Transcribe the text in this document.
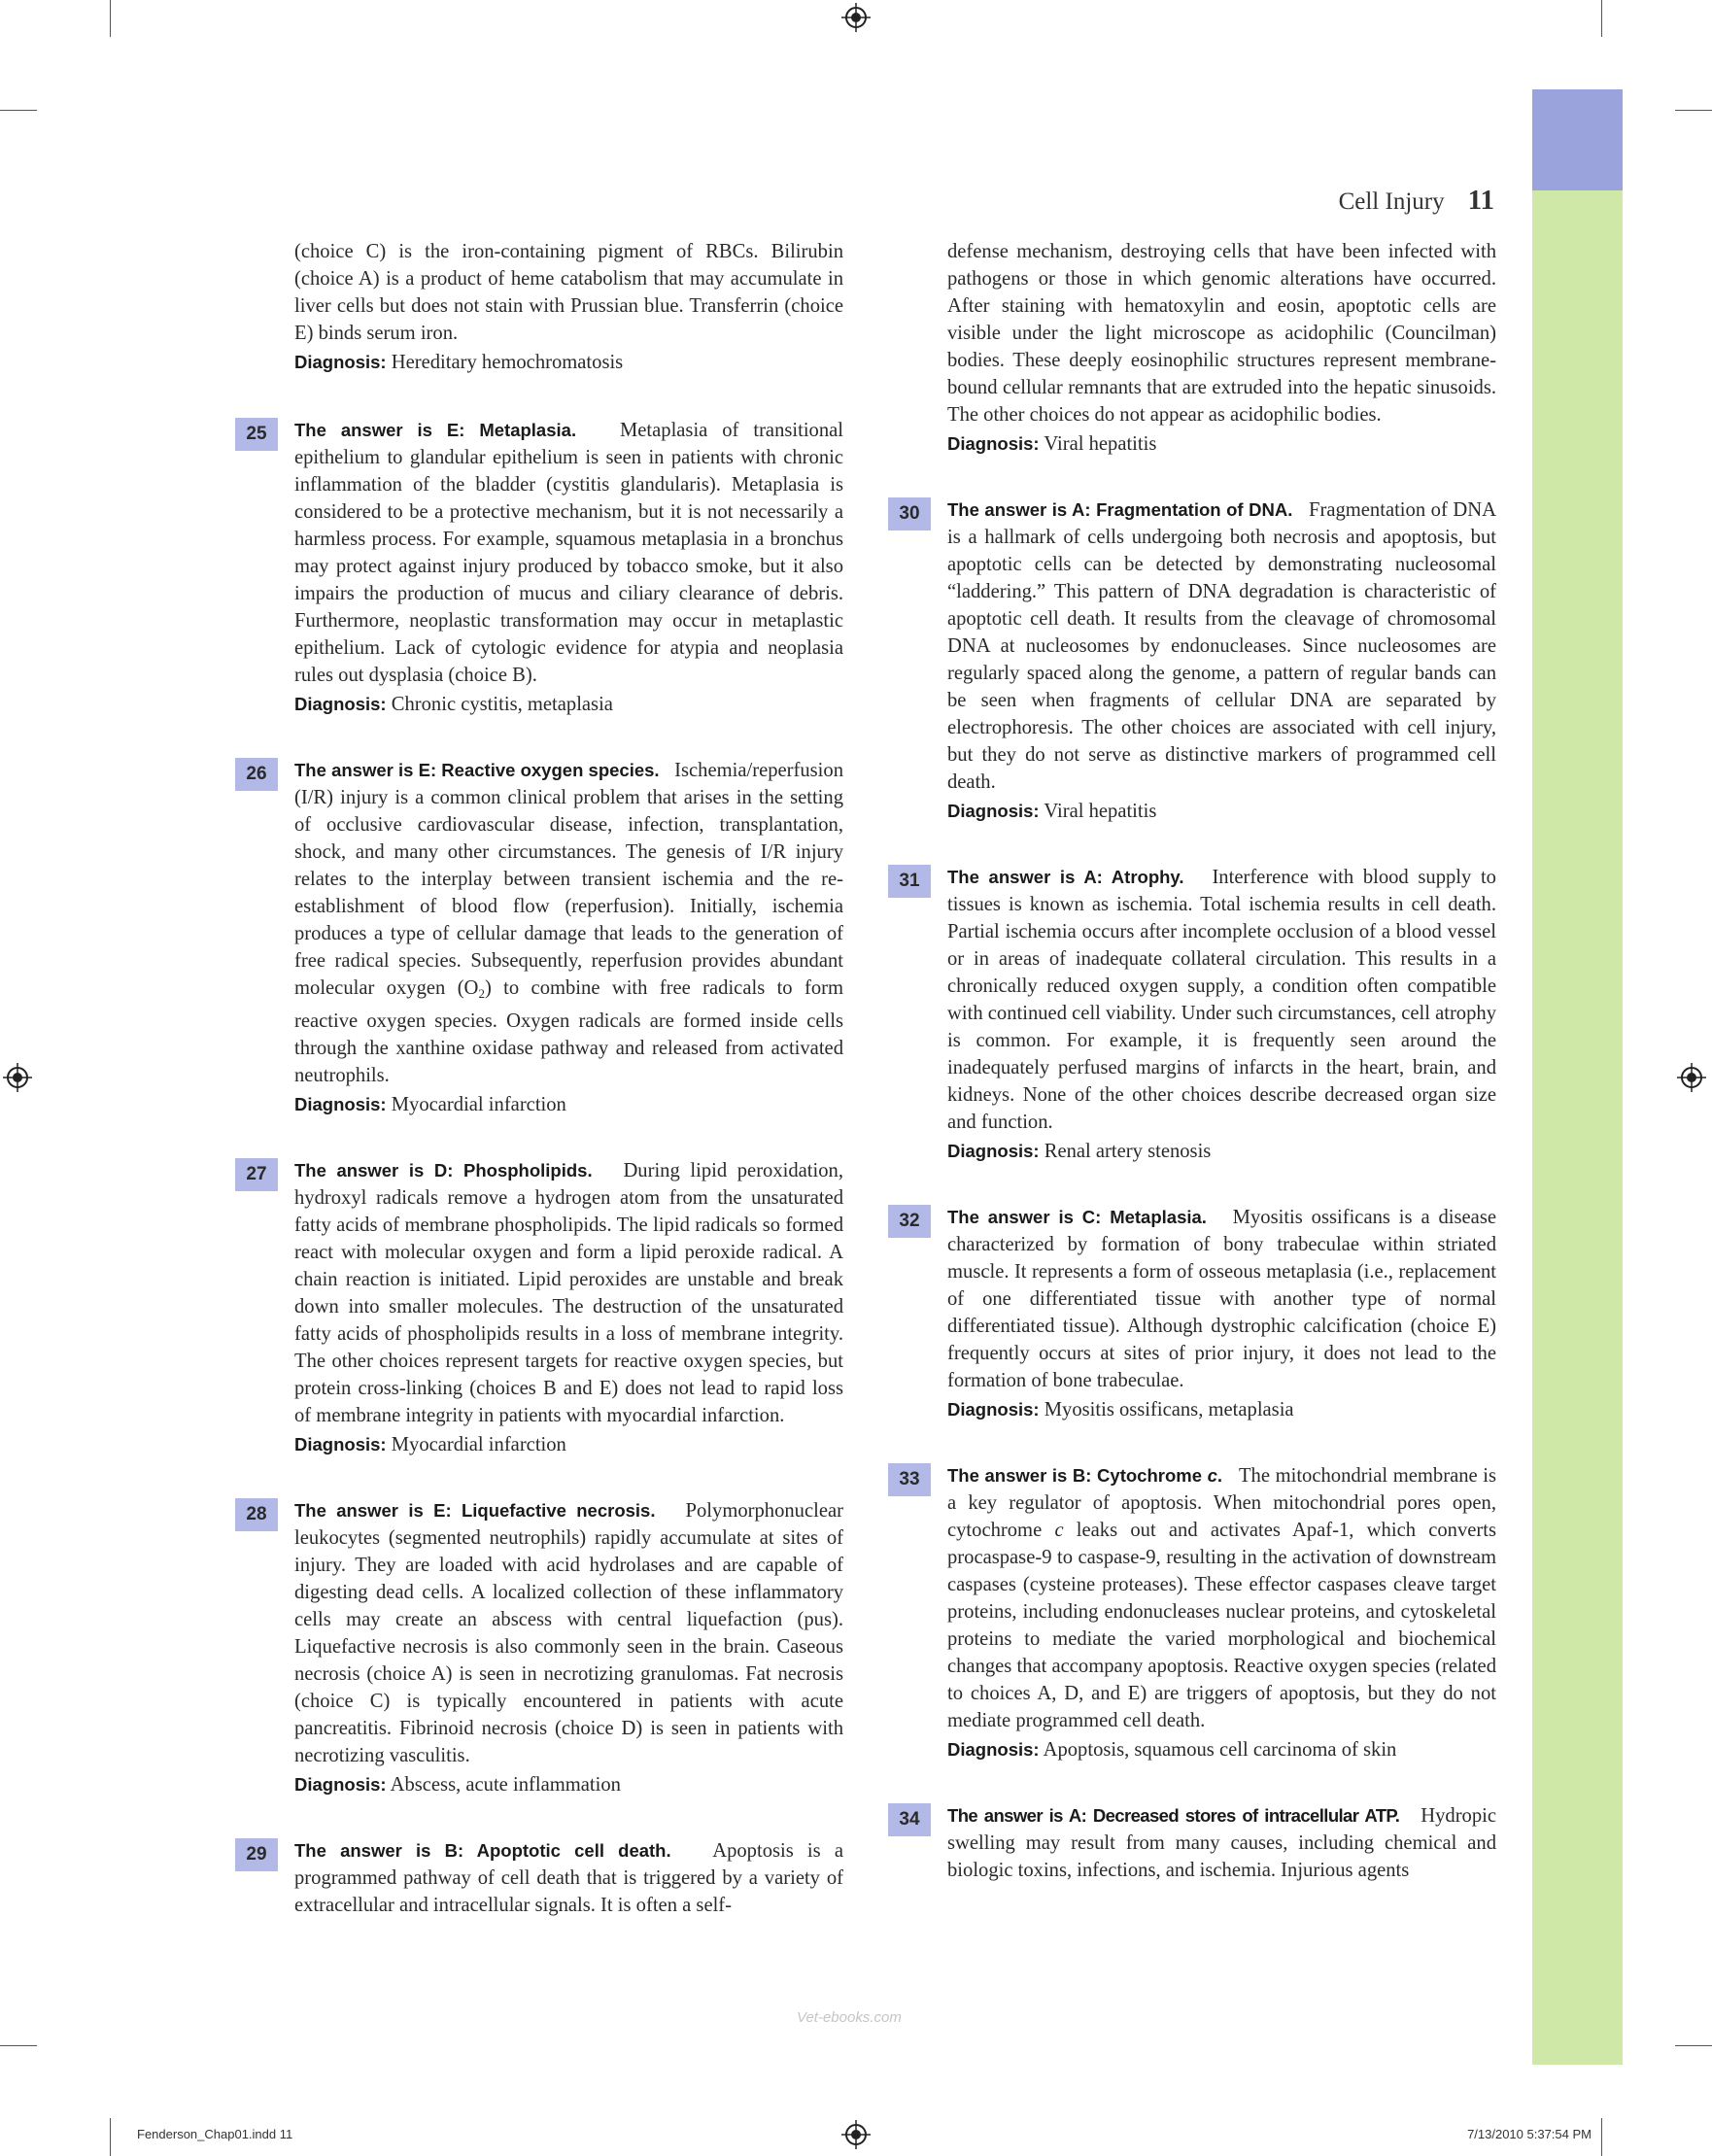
Cell Injury 11

(choice C) is the iron-containing pigment of RBCs. Bilirubin (choice A) is a product of heme catabolism that may accumulate in liver cells but does not stain with Prussian blue. Transferrin (choice E) binds serum iron.

Diagnosis: Hereditary hemochromatosis

25	The answer is E: Metaplasia. Metaplasia of transitional epithelium to glandular epithelium is seen in patients with chronic inflammation of the bladder (cystitis glandularis). Metaplasia is considered to be a protective mechanism, but it is not necessarily a harmless process. For example, squamous metaplasia in a bronchus may protect against injury produced by tobacco smoke, but it also impairs the production of mucus and ciliary clearance of debris. Furthermore, neoplastic transformation may occur in metaplastic epithelium. Lack of cytologic evidence for atypia and neoplasia rules out dysplasia (choice B).

Diagnosis: Chronic cystitis, metaplasia

26	The answer is E: Reactive oxygen species. Ischemia/reperfusion (I/R) injury is a common clinical problem that arises in the setting of occlusive cardiovascular disease, infection, transplantation, shock, and many other circumstances. The genesis of I/R injury relates to the interplay between transient ischemia and the re-establishment of blood flow (reperfusion). Initially, ischemia produces a type of cellular damage that leads to the generation of free radical species. Subsequently, reperfusion provides abundant molecular oxygen $(O_2)$ to combine with free radicals to form reactive oxygen species. Oxygen radicals are formed inside cells through the xanthine oxidase pathway and released from activated neutrophils.

Diagnosis: Myocardial infarction

27	The answer is D: Phospholipids. During lipid peroxidation, hydroxyl radicals remove a hydrogen atom from the unsaturated fatty acids of membrane phospholipids. The lipid radicals so formed react with molecular oxygen and form a lipid peroxide radical. A chain reaction is initiated. Lipid peroxides are unstable and break down into smaller molecules. The destruction of the unsaturated fatty acids of phospholipids results in a loss of membrane integrity. The other choices represent targets for reactive oxygen species, but protein cross-linking (choices B and E) does not lead to rapid loss of membrane integrity in patients with myocardial infarction.

Diagnosis: Myocardial infarction

28	The answer is E: Liquefactive necrosis. Polymorphonuclear leukocytes (segmented neutrophils) rapidly accumulate at sites of injury. They are loaded with acid hydrolases and are capable of digesting dead cells. A localized collection of these inflammatory cells may create an abscess with central liquefaction (pus). Liquefactive necrosis is also commonly seen in the brain. Caseous necrosis (choice A) is seen in necrotizing granulomas. Fat necrosis (choice C) is typically encountered in patients with acute pancreatitis. Fibrinoid necrosis (choice D) is seen in patients with necrotizing vasculitis.

Diagnosis: Abscess, acute inflammation

29	The answer is B: Apoptotic cell death. Apoptosis is a programmed pathway of cell death that is triggered by a variety of extracellular and intracellular signals. It is often a self-

defense mechanism, destroying cells that have been infected with pathogens or those in which genomic alterations have occurred. After staining with hematoxylin and eosin, apoptotic cells are visible under the light microscope as acidophilic (Councilman) bodies. These deeply eosinophilic structures represent membrane-bound cellular remnants that are extruded into the hepatic sinusoids. The other choices do not appear as acidophilic bodies.

Diagnosis: Viral hepatitis

30	The answer is A: Fragmentation of DNA. Fragmentation of DNA is a hallmark of cells undergoing both necrosis and apoptosis, but apoptotic cells can be detected by demonstrating nucleosomal “laddering.” This pattern of DNA degradation is characteristic of apoptotic cell death. It results from the cleavage of chromosomal DNA at nucleosomes by endonucleases. Since nucleosomes are regularly spaced along the genome, a pattern of regular bands can be seen when fragments of cellular DNA are separated by electrophoresis. The other choices are associated with cell injury, but they do not serve as distinctive markers of programmed cell death.

Diagnosis: Viral hepatitis

31	The answer is A: Atrophy. Interference with blood supply to tissues is known as ischemia. Total ischemia results in cell death. Partial ischemia occurs after incomplete occlusion of a blood vessel or in areas of inadequate collateral circulation. This results in a chronically reduced oxygen supply, a condition often compatible with continued cell viability. Under such circumstances, cell atrophy is common. For example, it is frequently seen around the inadequately perfused margins of infarcts in the heart, brain, and kidneys. None of the other choices describe decreased organ size and function.

Diagnosis: Renal artery stenosis

32	The answer is C: Metaplasia. Myositis ossificans is a disease characterized by formation of bony trabeculae within striated muscle. It represents a form of osseous metaplasia (i.e., replacement of one differentiated tissue with another type of normal differentiated tissue). Although dystrophic calcification (choice E) frequently occurs at sites of prior injury, it does not lead to the formation of bone trabeculae.

Diagnosis: Myositis ossificans, metaplasia

33	The answer is B: Cytochrome c. The mitochondrial membrane is a key regulator of apoptosis. When mitochondrial pores open, cytochrome c leaks out and activates Apaf-1, which converts procaspase-9 to caspase-9, resulting in the activation of downstream caspases (cysteine proteases). These effector caspases cleave target proteins, including endonucleases nuclear proteins, and cytoskeletal proteins to mediate the varied morphological and biochemical changes that accompany apoptosis. Reactive oxygen species (related to choices A, D, and E) are triggers of apoptosis, but they do not mediate programmed cell death.

Diagnosis: Apoptosis, squamous cell carcinoma of skin

34	The answer is A: Decreased stores of intracellular ATP. Hydropic swelling may result from many causes, including chemical and biologic toxins, infections, and ischemia. Injurious agents

Vet-ebooks.com
Fenderson_Chap01.indd 11	7/13/2010 5:37:54 PM
